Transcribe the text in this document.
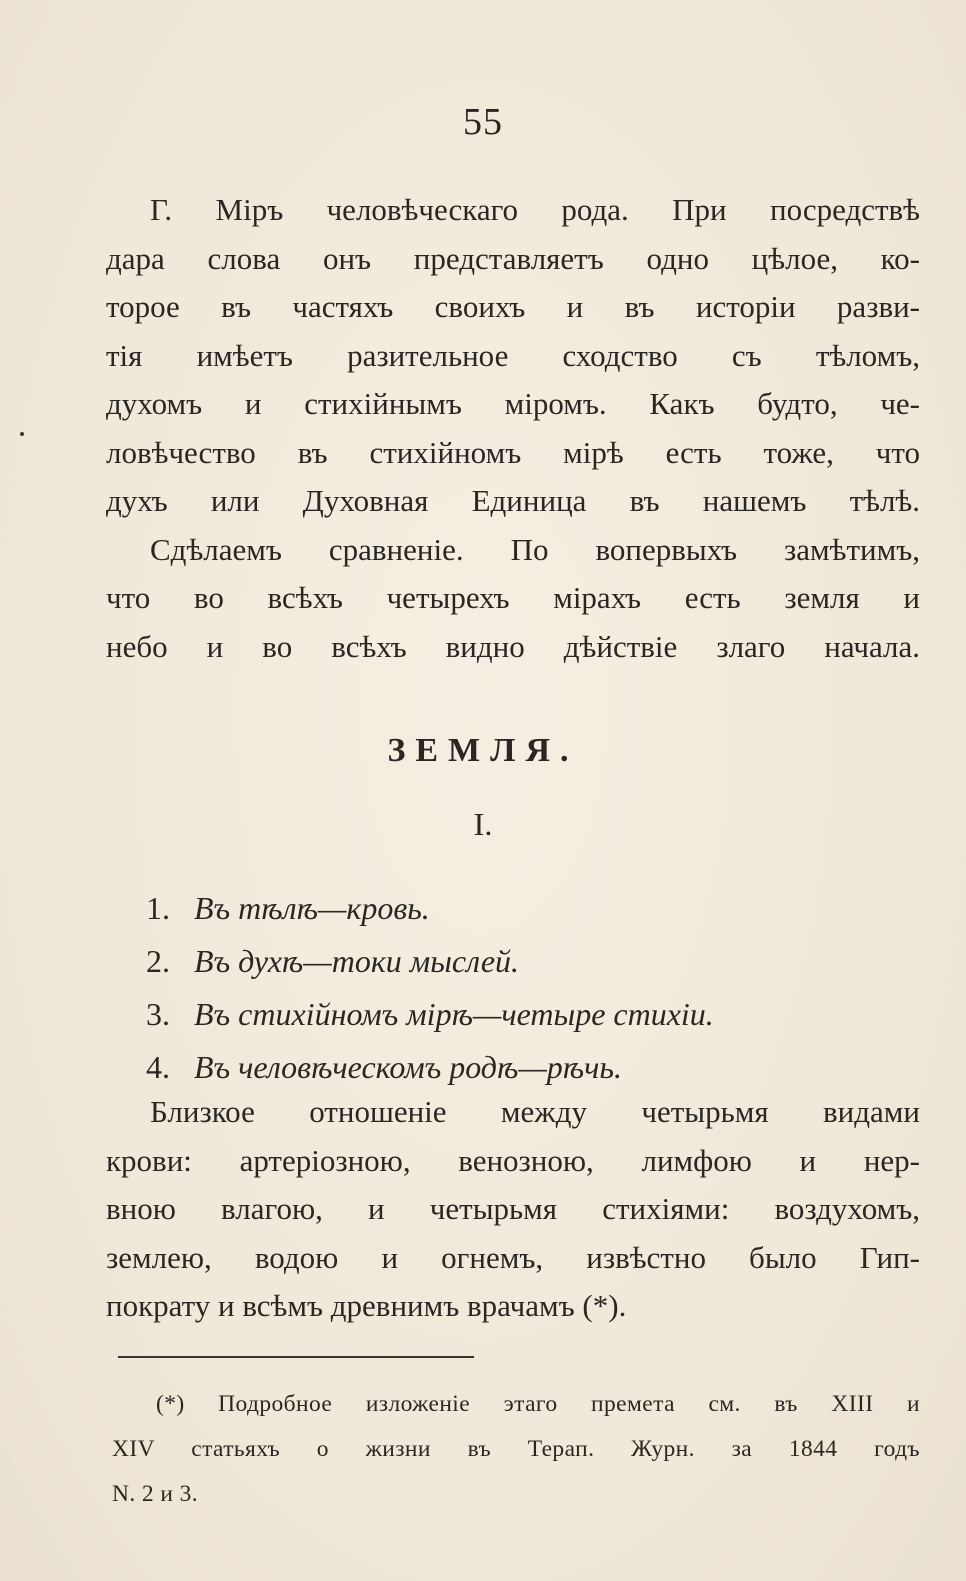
55
Г. Міръ человѣческаго рода. При посредствѣ
дара слова онъ представляетъ одно цѣлое, ко-
торое въ частяхъ своихъ и въ исторіи разви-
тія имѣетъ разительное сходство съ тѣломъ,
духомъ и стихійнымъ міромъ. Какъ будто, че-
ловѣчество въ стихійномъ мірѣ есть тоже, что
духъ или Духовная Единица въ нашемъ тѣлѣ.
Сдѣлаемъ сравненіе. По вопервыхъ замѣтимъ,
что во всѣхъ четырехъ мірахъ есть земля и
небо и во всѣхъ видно дѣйствіе злаго начала.
ЗЕМЛЯ.
I.
1. Въ тѣлѣ—кровь.
2. Въ духѣ—токи мыслей.
3. Въ стихійномъ мірѣ—четыре стихіи.
4. Въ человѣческомъ родѣ—рѣчь.
Близкое отношеніе между четырьмя видами
крови: артеріозною, венозною, лимфою и нер-
вною влагою, и четырьмя стихіями: воздухомъ,
землею, водою и огнемъ, извѣстно было Гип-
пократу и всѣмъ древнимъ врачамъ (*).
(*) Подробное изложеніе этаго премета см. въ XIII и
XIV статьяхъ о жизни въ Терап. Журн. за 1844 годъ
N. 2 и 3.
